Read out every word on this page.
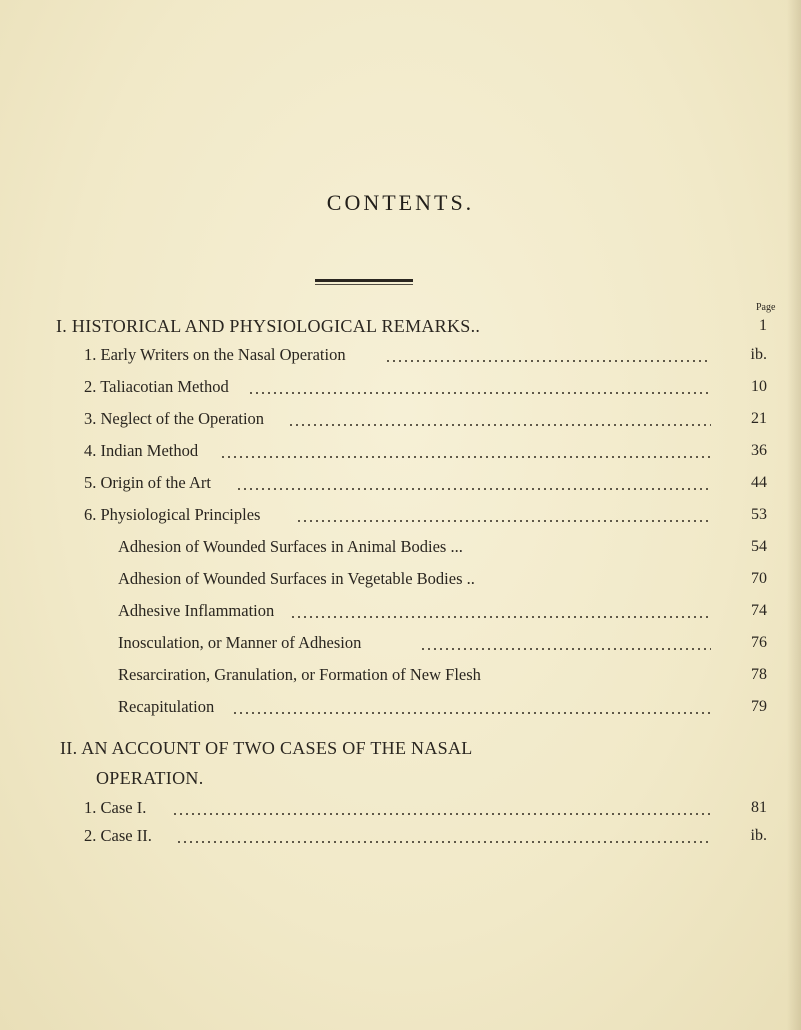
CONTENTS.
Page
I. HISTORICAL AND PHYSIOLOGICAL REMARKS..	1
1. Early Writers on the Nasal Operation	ib.
2. Taliacotian Method	10
3. Neglect of the Operation	21
4. Indian Method	36
5. Origin of the Art	44
6. Physiological Principles	53
Adhesion of Wounded Surfaces in Animal Bodies ...	54
Adhesion of Wounded Surfaces in Vegetable Bodies ..	70
Adhesive Inflammation	74
Inosculation, or Manner of Adhesion	76
Resarciration, Granulation, or Formation of New Flesh	78
Recapitulation	79
II. AN ACCOUNT OF TWO CASES OF THE NASAL
OPERATION.
1. Case I.	81
2. Case II.	ib.
